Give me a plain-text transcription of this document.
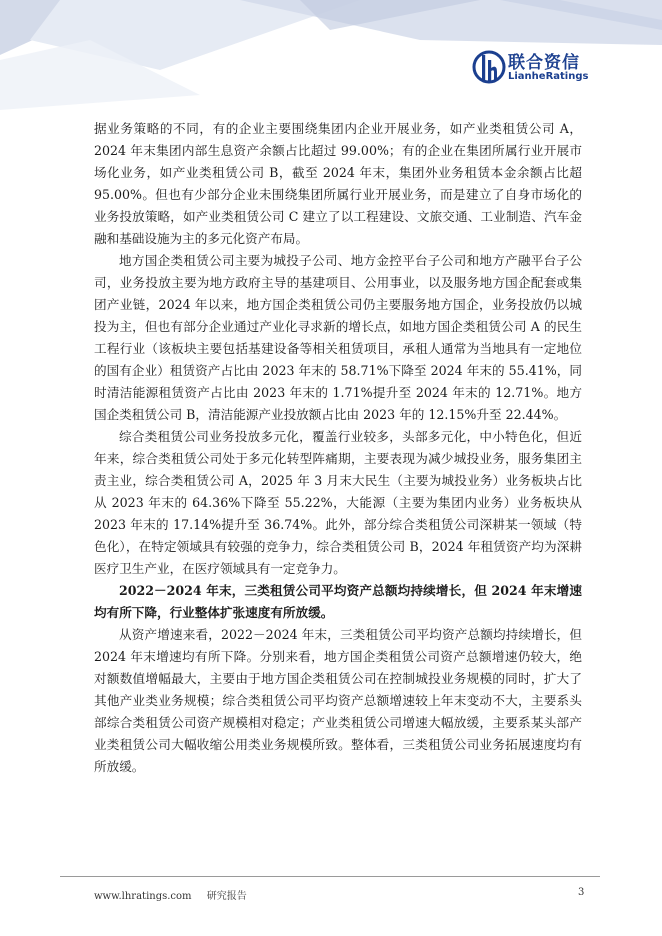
联合资信
LianheRatings

据业务策略的不同，有的企业主要围绕集团内企业开展业务，如产业类租赁公司 A，2024 年末集团内部生息资产余额占比超过 99.00%；有的企业在集团所属行业开展市场化业务，如产业类租赁公司 B，截至 2024 年末，集团外业务租赁本金余额占比超 95.00%。但也有少部分企业未围绕集团所属行业开展业务，而是建立了自身市场化的业务投放策略，如产业类租赁公司 C 建立了以工程建设、文旅交通、工业制造、汽车金融和基础设施为主的多元化资产布局。

地方国企类租赁公司主要为城投子公司、地方金控平台子公司和地方产融平台子公司，业务投放主要为地方政府主导的基建项目、公用事业，以及服务地方国企配套或集团产业链，2024 年以来，地方国企类租赁公司仍主要服务地方国企，业务投放仍以城投为主，但也有部分企业通过产业化寻求新的增长点，如地方国企类租赁公司 A 的民生工程行业（该板块主要包括基建设备等相关租赁项目，承租人通常为当地具有一定地位的国有企业）租赁资产占比由 2023 年末的 58.71%下降至 2024 年末的 55.41%，同时清洁能源租赁资产占比由 2023 年末的 1.71%提升至 2024 年末的 12.71%。地方国企类租赁公司 B，清洁能源产业投放额占比由 2023 年的 12.15%升至 22.44%。

综合类租赁公司业务投放多元化，覆盖行业较多，头部多元化，中小特色化，但近年来，综合类租赁公司处于多元化转型阵痛期，主要表现为减少城投业务，服务集团主责主业，综合类租赁公司 A，2025 年 3 月末大民生（主要为城投业务）业务板块占比从 2023 年末的 64.36%下降至 55.22%，大能源（主要为集团内业务）业务板块从 2023 年末的 17.14%提升至 36.74%。此外，部分综合类租赁公司深耕某一领域（特色化），在特定领域具有较强的竞争力，综合类租赁公司 B，2024 年租赁资产均为深耕医疗卫生产业，在医疗领域具有一定竞争力。

2022－2024 年末，三类租赁公司平均资产总额均持续增长，但 2024 年末增速均有所下降，行业整体扩张速度有所放缓。

从资产增速来看，2022－2024 年末，三类租赁公司平均资产总额均持续增长，但 2024 年末增速均有所下降。分别来看，地方国企类租赁公司资产总额增速仍较大，绝对额数值增幅最大，主要由于地方国企类租赁公司在控制城投业务规模的同时，扩大了其他产业类业务规模；综合类租赁公司平均资产总额增速较上年末变动不大，主要系头部综合类租赁公司资产规模相对稳定；产业类租赁公司增速大幅放缓，主要系某头部产业类租赁公司大幅收缩公用类业务规模所致。整体看，三类租赁公司业务拓展速度均有所放缓。

www.lhratings.com 研究报告	3
